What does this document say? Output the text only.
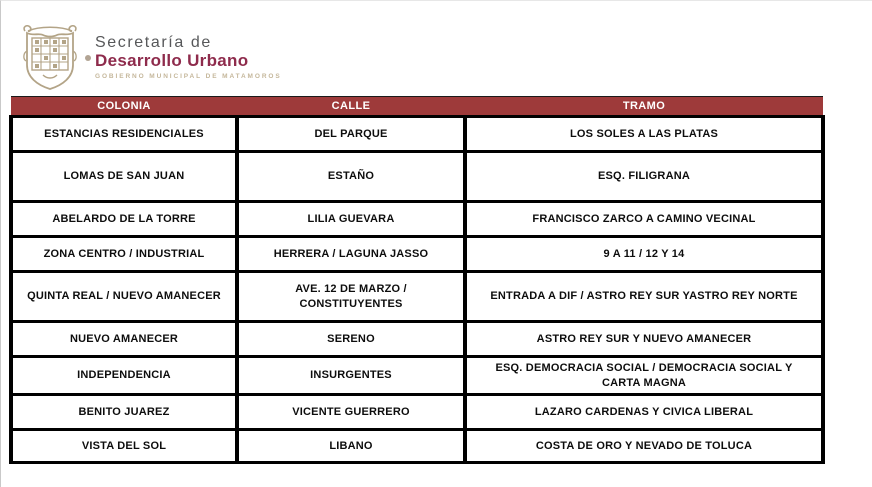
Secretaría de
Desarrollo Urbano
GOBIERNO MUNICIPAL DE MATAMOROS
COLONIA	CALLE	TRAMO
ESTANCIAS RESIDENCIALES	DEL PARQUE	LOS SOLES A LAS PLATAS
LOMAS DE SAN JUAN	ESTAÑO	ESQ. FILIGRANA
ABELARDO DE LA TORRE	LILIA GUEVARA	FRANCISCO ZARCO A CAMINO VECINAL
ZONA CENTRO / INDUSTRIAL	HERRERA / LAGUNA JASSO	9 A 11 / 12 Y 14
QUINTA REAL / NUEVO AMANECER	AVE. 12 DE MARZO / CONSTITUYENTES	ENTRADA A DIF / ASTRO REY SUR YASTRO REY NORTE
NUEVO AMANECER	SERENO	ASTRO REY SUR Y NUEVO AMANECER
INDEPENDENCIA	INSURGENTES	ESQ. DEMOCRACIA SOCIAL / DEMOCRACIA SOCIAL Y CARTA MAGNA
BENITO JUAREZ	VICENTE GUERRERO	LAZARO CARDENAS Y CIVICA LIBERAL
VISTA DEL SOL	LIBANO	COSTA DE ORO Y NEVADO DE TOLUCA
